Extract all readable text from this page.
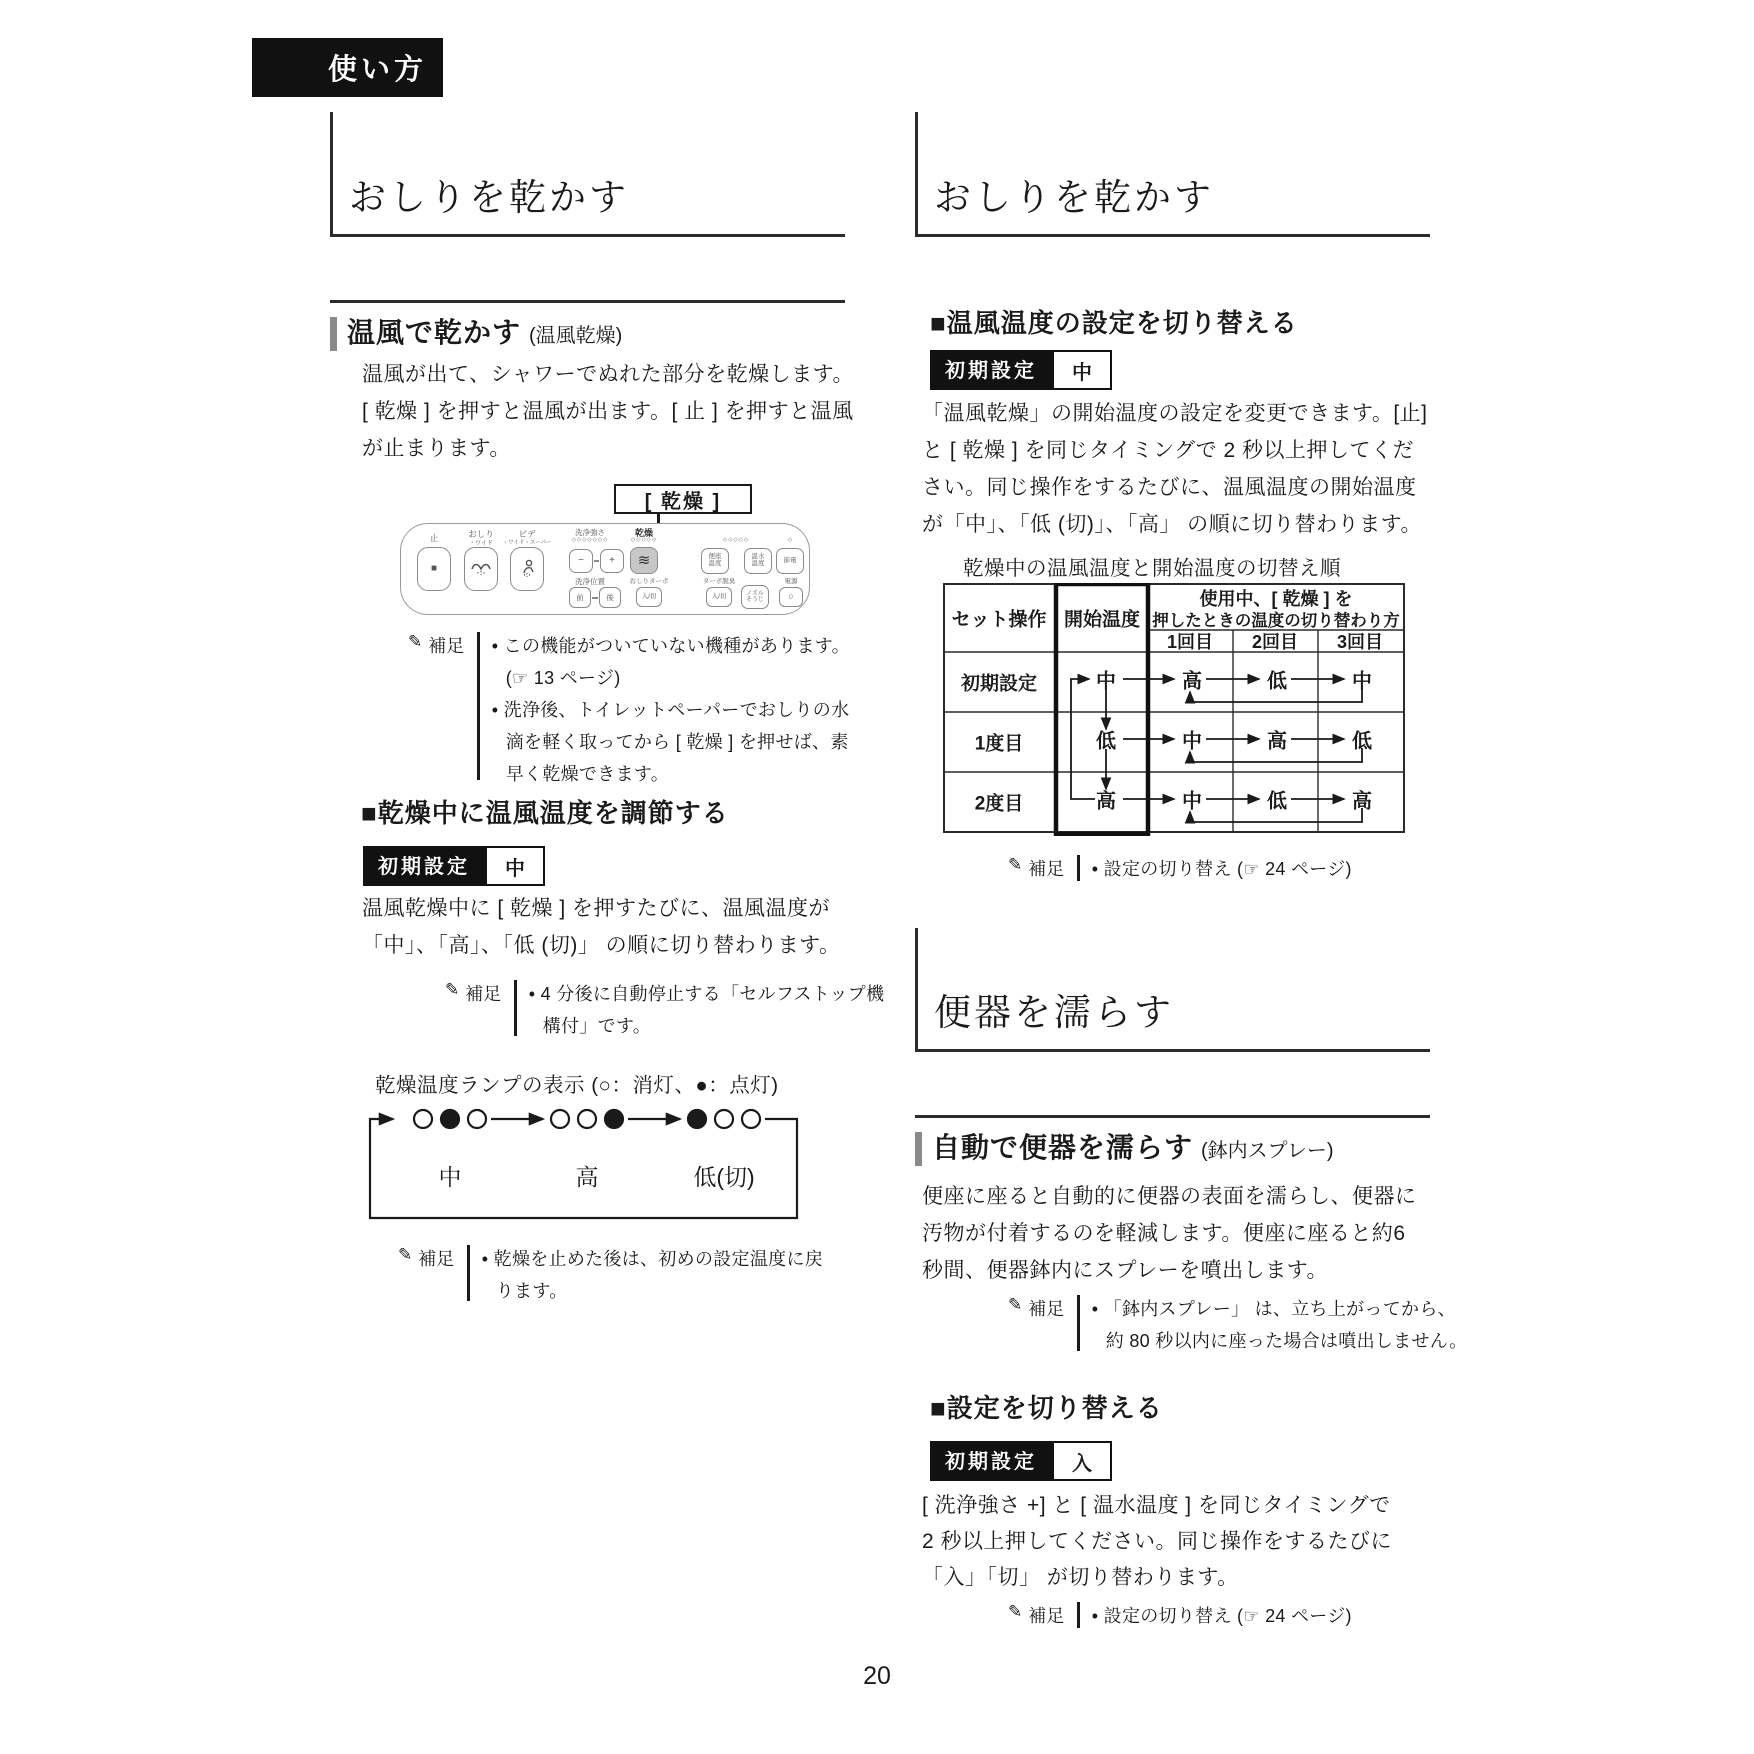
使い方
おしりを乾かす
温風で乾かす (温風乾燥)
温風が出て、シャワーでぬれた部分を乾燥します。
[ 乾燥 ] を押すと温風が出ます。[ 止 ] を押すと温風
が止まります。
[ 乾燥 ]
止
■
おしり
・ワイド
ビデ
・ワイド・スーパー
洗浄強さ
◇◇◇◇◇◇◇
−	+
洗浄位置
前	後
乾燥
◇◇◇◇◇
≋
おしりターボ
入/切
◇◇◇◇◇
便座
温度
温水
温度
◇
節電
ターボ脱臭
入/切	ノズル
そうじ
電源
○
✎ 補足 • この機能がついていない機種があります。
(☞ 13 ページ)
• 洗浄後、トイレットペーパーでおしりの水
滴を軽く取ってから [ 乾燥 ] を押せば、素
早く乾燥できます。
■乾燥中に温風温度を調節する
初期設定	中
温風乾燥中に [ 乾燥 ] を押すたびに、温風温度が
「中」、「高」、「低 (切)」 の順に切り替わります。
✎ 補足 • 4 分後に自動停止する「セルフストップ機
構付」です。
乾燥温度ランプの表示 (○：消灯、●：点灯)
中	高	低(切)
✎ 補足 • 乾燥を止めた後は、初めの設定温度に戻
ります。
おしりを乾かす
■温風温度の設定を切り替える
初期設定	中
「温風乾燥」の開始温度の設定を変更できます。[止]
と [ 乾燥 ] を同じタイミングで 2 秒以上押してくだ
さい。同じ操作をするたびに、温風温度の開始温度
が「中」、「低 (切)」、「高」 の順に切り替わります。
乾燥中の温風温度と開始温度の切替え順
セット操作 開始温度
使用中、[ 乾燥 ] を
押したときの温度の切り替わり方
1回目 2回目 3回目
初期設定	中	高	低	中
1度目	低	中	高	低
2度目	高	中	低	高
✎ 補足 • 設定の切り替え (☞ 24 ページ)
便器を濡らす
自動で便器を濡らす (鉢内スプレー)
便座に座ると自動的に便器の表面を濡らし、便器に
汚物が付着するのを軽減します。便座に座ると約6
秒間、便器鉢内にスプレーを噴出します。
✎ 補足 • 「鉢内スプレー」 は、立ち上がってから、
約 80 秒以内に座った場合は噴出しません。
■設定を切り替える
初期設定	入
[ 洗浄強さ +] と [ 温水温度 ] を同じタイミングで
2 秒以上押してください。同じ操作をするたびに
「入」「切」 が切り替わります。
✎ 補足 • 設定の切り替え (☞ 24 ページ)
20
